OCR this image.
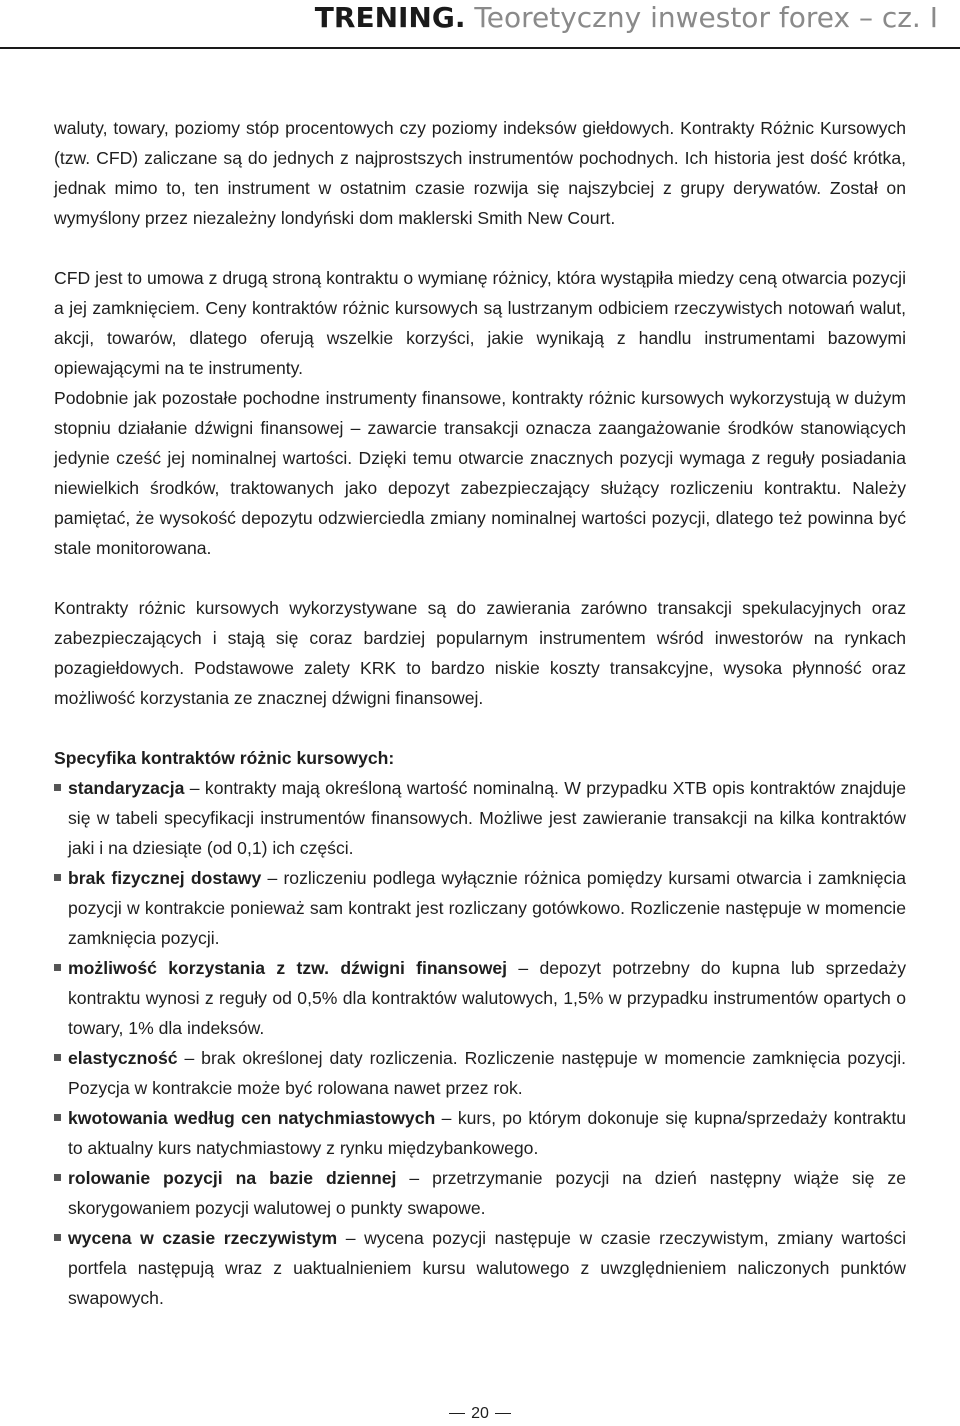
TRENING. Teoretyczny inwestor forex – cz. I

waluty, towary, poziomy stóp procentowych czy poziomy indeksów giełdowych. Kontrakty Różnic Kursowych (tzw. CFD) zaliczane są do jednych z najprostszych instrumentów pochodnych. Ich historia jest dość krótka, jednak mimo to, ten instrument w ostatnim czasie rozwija się najszybciej z grupy derywatów. Został on wymyślony przez niezależny londyński dom maklerski Smith New Court.

CFD jest to umowa z drugą stroną kontraktu o wymianę różnicy, która wystąpiła miedzy ceną otwarcia pozycji a jej zamknięciem. Ceny kontraktów różnic kursowych są lustrzanym odbiciem rzeczywistych notowań walut, akcji, towarów, dlatego oferują wszelkie korzyści, jakie wynikają z handlu instrumentami bazowymi opiewającymi na te instrumenty.

Podobnie jak pozostałe pochodne instrumenty finansowe, kontrakty różnic kursowych wykorzystują w dużym stopniu działanie dźwigni finansowej – zawarcie transakcji oznacza zaangażowanie środków stanowiących jedynie cześć jej nominalnej wartości. Dzięki temu otwarcie znacznych pozycji wymaga z reguły posiadania niewielkich środków, traktowanych jako depozyt zabezpieczający służący rozliczeniu kontraktu. Należy pamiętać, że wysokość depozytu odzwierciedla zmiany nominalnej wartości pozycji, dlatego też powinna być stale monitorowana.

Kontrakty różnic kursowych wykorzystywane są do zawierania zarówno transakcji spekulacyjnych oraz zabezpieczających i stają się coraz bardziej popularnym instrumentem wśród inwestorów na rynkach pozagiełdowych. Podstawowe zalety KRK to bardzo niskie koszty transakcyjne, wysoka płynność oraz możliwość korzystania ze znacznej dźwigni finansowej.

Specyfika kontraktów różnic kursowych:

standaryzacja – kontrakty mają określoną wartość nominalną. W przypadku XTB opis kontraktów znajduje się w tabeli specyfikacji instrumentów finansowych. Możliwe jest zawieranie transakcji na kilka kontraktów jaki i na dziesiąte (od 0,1) ich części.
brak fizycznej dostawy – rozliczeniu podlega wyłącznie różnica pomiędzy kursami otwarcia i zamknięcia pozycji w kontrakcie ponieważ sam kontrakt jest rozliczany gotówkowo. Rozliczenie następuje w momencie zamknięcia pozycji.
możliwość korzystania z tzw. dźwigni finansowej – depozyt potrzebny do kupna lub sprzedaży kontraktu wynosi z reguły od 0,5% dla kontraktów walutowych, 1,5% w przypadku instrumentów opartych o towary, 1% dla indeksów.
elastyczność – brak określonej daty rozliczenia. Rozliczenie następuje w momencie zamknięcia pozycji. Pozycja w kontrakcie może być rolowana nawet przez rok.
kwotowania według cen natychmiastowych – kurs, po którym dokonuje się kupna/sprzedaży kontraktu to aktualny kurs natychmiastowy z rynku międzybankowego.
rolowanie pozycji na bazie dziennej – przetrzymanie pozycji na dzień następny wiąże się ze skorygowaniem pozycji walutowej o punkty swapowe.
wycena w czasie rzeczywistym – wycena pozycji następuje w czasie rzeczywistym, zmiany wartości portfela następują wraz z uaktualnieniem kursu walutowego z uwzględnieniem naliczonych punktów swapowych.
20
